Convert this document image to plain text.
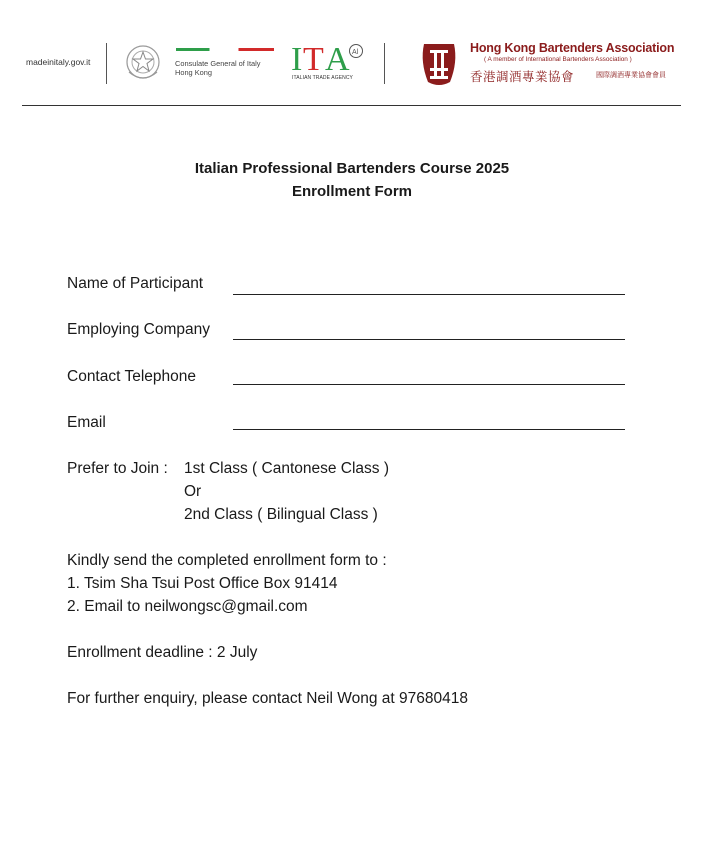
madeinitaly.gov.it	Consulate General of Italy
Hong Kong	I T A Al
ITALIAN TRADE AGENCY
Hong Kong Bartenders Association
( A member of International Bartenders Association )
香港調酒專業協會	國際調酒專業協會會員
Italian Professional Bartenders Course 2025
Enrollment Form
Name of Participant
Employing Company
Contact Telephone
Email
Prefer to Join : 1st Class ( Cantonese Class )
Or
2nd Class ( Bilingual Class )
Kindly send the completed enrollment form to :
1. Tsim Sha Tsui Post Office Box 91414
2. Email to neilwongsc@gmail.com
Enrollment deadline : 2 July
For further enquiry, please contact Neil Wong at 97680418
